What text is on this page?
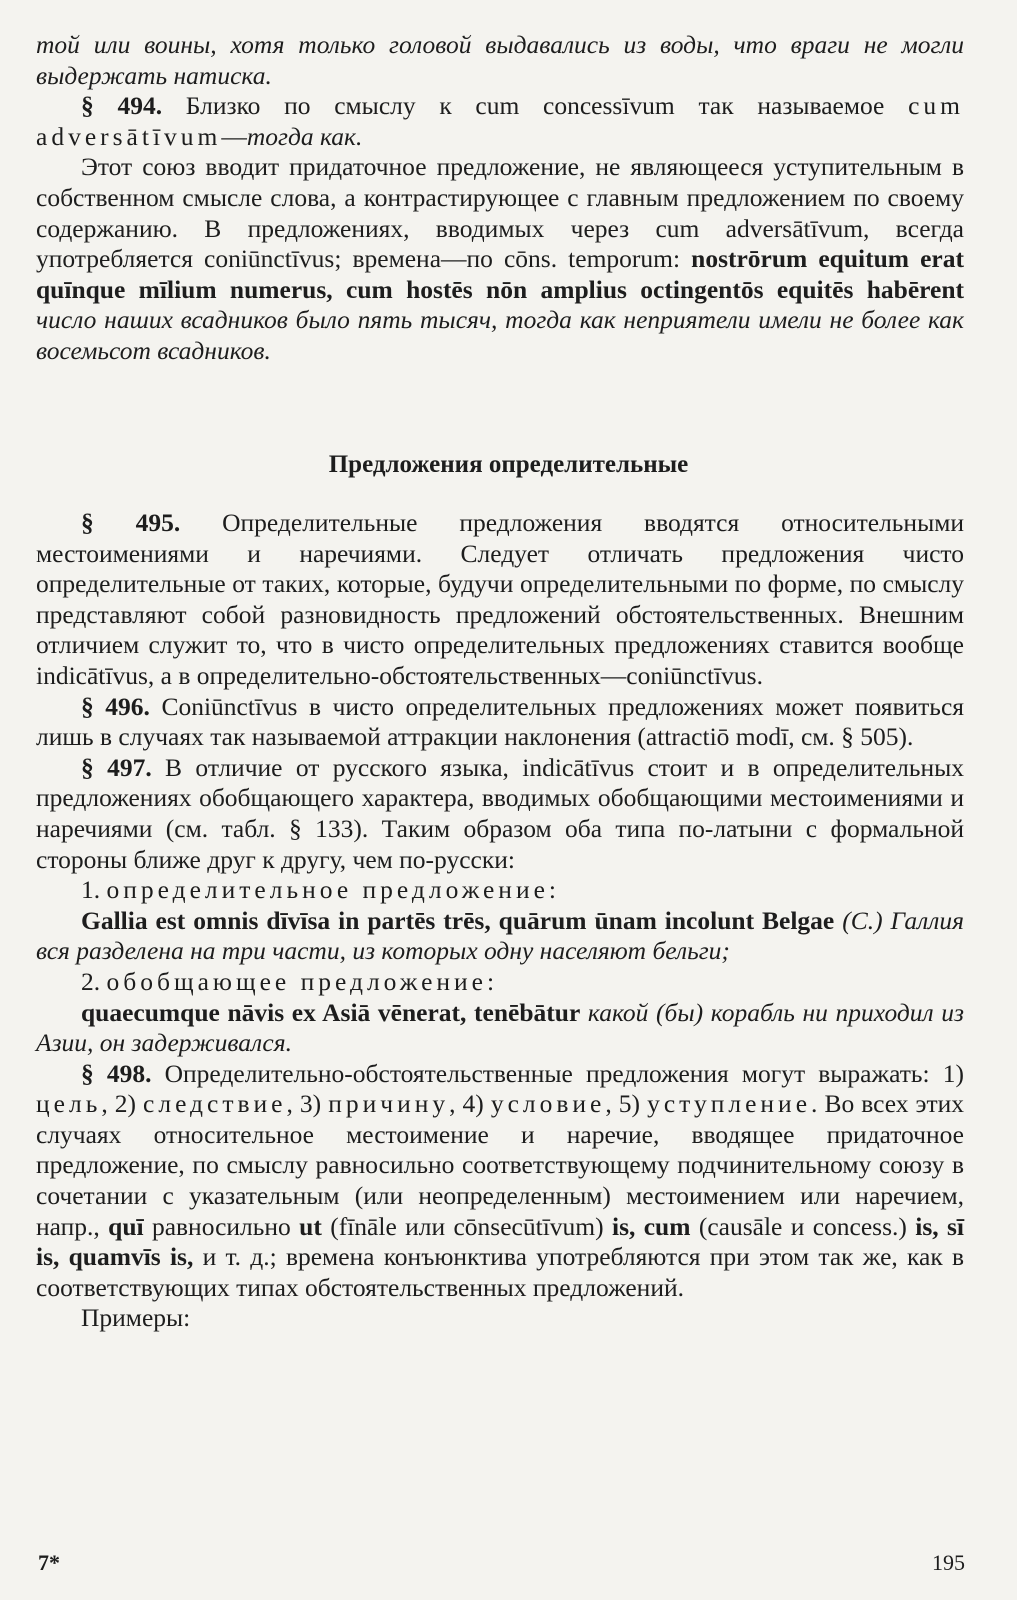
той или воины, хотя только головой выдавались из воды, что враги не могли выдержать натиска.

§ 494. Близко по смыслу к cum concessīvum так называемое cum adversātīvum—тогда как.

Этот союз вводит придаточное предложение, не являющееся уступительным в собственном смысле слова, а контрастирующее с главным предложением по своему содержанию. В предложениях, вводимых через cum adversātīvum, всегда употребляется coniūnctīvus; времена—по cōns. temporum: nostrōrum equitum erat quīnque mīlium numerus, cum hostēs nōn amplius octingentōs equitēs habērent число наших всадников было пять тысяч, тогда как неприятели имели не более как восемьсот всадников.

Предложения определительные

§ 495. Определительные предложения вводятся относительными местоимениями и наречиями. Следует отличать предложения чисто определительные от таких, которые, будучи определительными по форме, по смыслу представляют собой разновидность предложений обстоятельственных. Внешним отличием служит то, что в чисто определительных предложениях ставится вообще indicātīvus, а в определительно-обстоятельственных—coniūnctīvus.

§ 496. Coniūnctīvus в чисто определительных предложениях может появиться лишь в случаях так называемой аттракции наклонения (attractiō modī, см. § 505).

§ 497. В отличие от русского языка, indicātīvus стоит и в определительных предложениях обобщающего характера, вводимых обобщающими местоимениями и наречиями (см. табл. § 133). Таким образом оба типа по-латыни с формальной стороны ближе друг к другу, чем по-русски:

1. определительное предложение:

Gallia est omnis dīvīsa in partēs trēs, quārum ūnam incolunt Belgae (C.) Галлия вся разделена на три части, из которых одну населяют бельги;

2. обобщающее предложение:

quaecumque nāvis ex Asiā vēnerat, tenēbātur какой (бы) корабль ни приходил из Азии, он задерживался.

§ 498. Определительно-обстоятельственные предложения могут выражать: 1) цель, 2) следствие, 3) причину, 4) условие, 5) уступление. Во всех этих случаях относительное местоимение и наречие, вводящее придаточное предложение, по смыслу равносильно соответствующему подчинительному союзу в сочетании с указательным (или неопределенным) местоимением или наречием, напр., quī равносильно ut (fīnāle или cōnsecūtīvum) is, cum (causāle и concess.) is, sī is, quamvīs is, и т. д.; времена конъюнктива употребляются при этом так же, как в соответствующих типах обстоятельственных предложений.

Примеры:

7*	195
